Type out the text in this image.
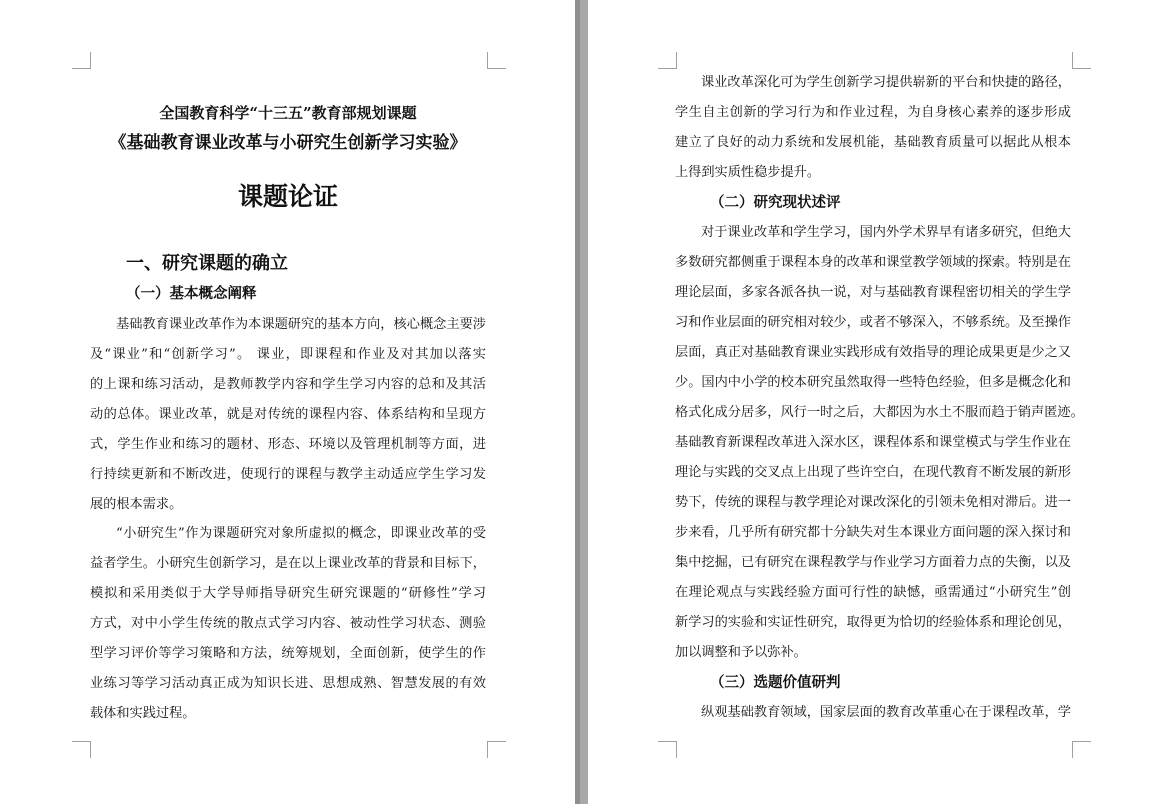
全国教育科学“十三五”教育部规划课题
《基础教育课业改革与小研究生创新学习实验》
课题论证
一、研究课题的确立
（一）基本概念阐释
基础教育课业改革作为本课题研究的基本方向，核心概念主要涉
及“课业”和“创新学习”。 课业，即课程和作业及对其加以落实
的上课和练习活动，是教师教学内容和学生学习内容的总和及其活
动的总体。课业改革，就是对传统的课程内容、体系结构和呈现方
式，学生作业和练习的题材、形态、环境以及管理机制等方面，进
行持续更新和不断改进，使现行的课程与教学主动适应学生学习发
展的根本需求。
“小研究生”作为课题研究对象所虚拟的概念，即课业改革的受
益者学生。小研究生创新学习，是在以上课业改革的背景和目标下，
模拟和采用类似于大学导师指导研究生研究课题的“研修性”学习
方式，对中小学生传统的散点式学习内容、被动性学习状态、测验
型学习评价等学习策略和方法，统筹规划，全面创新，使学生的作
业练习等学习活动真正成为知识长进、思想成熟、智慧发展的有效
载体和实践过程。
课业改革深化可为学生创新学习提供崭新的平台和快捷的路径，
学生自主创新的学习行为和作业过程，为自身核心素养的逐步形成
建立了良好的动力系统和发展机能，基础教育质量可以据此从根本
上得到实质性稳步提升。
（二）研究现状述评
对于课业改革和学生学习，国内外学术界早有诸多研究，但绝大
多数研究都侧重于课程本身的改革和课堂教学领域的探索。特别是在
理论层面，多家各派各执一说，对与基础教育课程密切相关的学生学
习和作业层面的研究相对较少，或者不够深入，不够系统。及至操作
层面，真正对基础教育课业实践形成有效指导的理论成果更是少之又
少。国内中小学的校本研究虽然取得一些特色经验，但多是概念化和
格式化成分居多，风行一时之后，大都因为水土不服而趋于销声匿迹。
基础教育新课程改革进入深水区，课程体系和课堂模式与学生作业在
理论与实践的交叉点上出现了些许空白，在现代教育不断发展的新形
势下，传统的课程与教学理论对课改深化的引领未免相对滞后。进一
步来看，几乎所有研究都十分缺失对生本课业方面问题的深入探讨和
集中挖掘，已有研究在课程教学与作业学习方面着力点的失衡，以及
在理论观点与实践经验方面可行性的缺憾，亟需通过“小研究生”创
新学习的实验和实证性研究，取得更为恰切的经验体系和理论创见，
加以调整和予以弥补。
（三）选题价值研判
纵观基础教育领域，国家层面的教育改革重心在于课程改革，学
